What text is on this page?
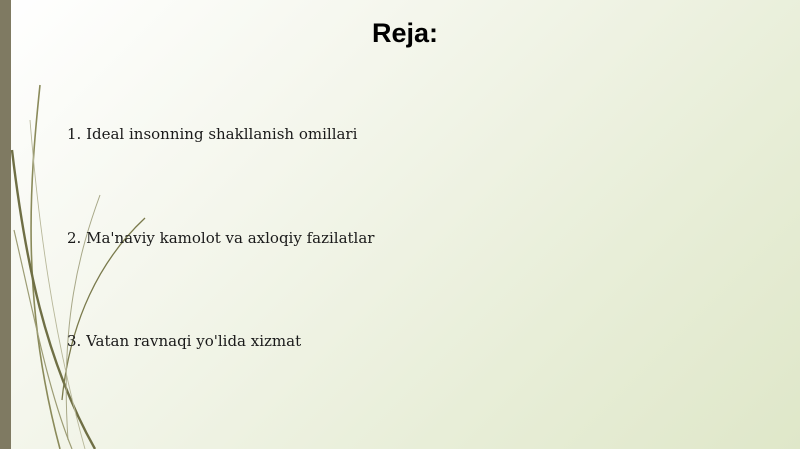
Reja:

1. Ideal insonning shakllanish omillari

2. Ma'naviy kamolot va axloqiy fazilatlar

3. Vatan ravnaqi yo'lida xizmat
